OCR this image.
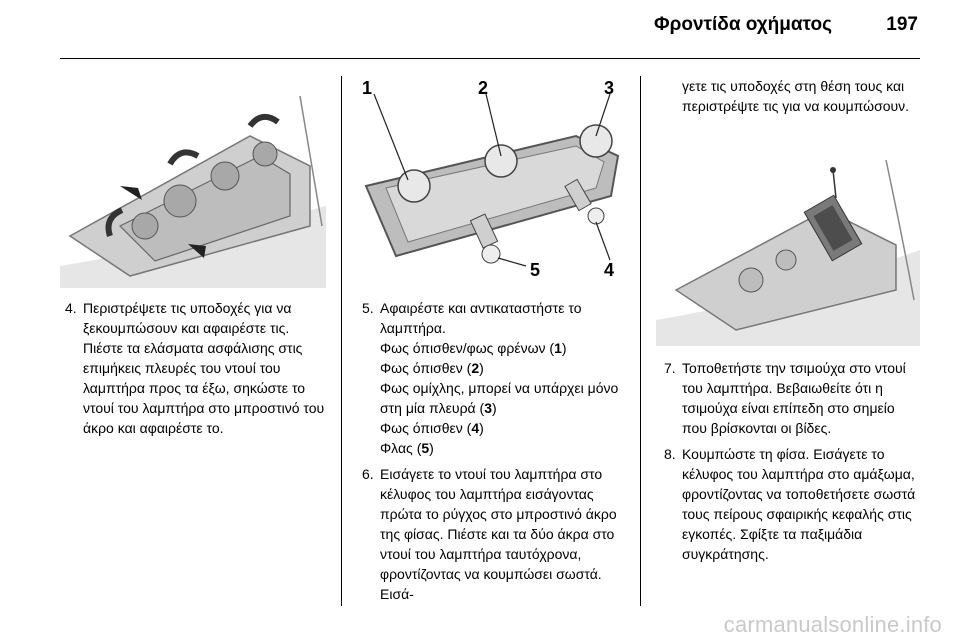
Φροντίδα οχήματος	197
1	2	3
4
5
4. Περιστρέψετε τις υποδοχές για να ξεκουμπώσουν και αφαιρέστε τις. Πιέστε τα ελάσματα ασφάλισης στις επιμήκεις πλευρές του ντουί του λαμπτήρα προς τα έξω, σηκώστε το ντουί του λαμπτήρα στο μπροστινό του άκρο και αφαιρέστε το.

5. Αφαιρέστε και αντικαταστήστε το λαμπτήρα.

Φως όπισθεν/φως φρένων (1)

Φως όπισθεν (2)

Φως ομίχλης, μπορεί να υπάρχει μόνο στη μία πλευρά (3)

Φως όπισθεν (4)

Φλας (5)

6. Εισάγετε το ντουί του λαμπτήρα στο κέλυφος του λαμπτήρα εισάγοντας πρώτα το ρύγχος στο μπροστινό άκρο της φίσας. Πιέστε και τα δύο άκρα στο ντουί του λαμπτήρα ταυτόχρονα, φροντίζοντας να κουμπώσει σωστά. Εισά-

γετε τις υποδοχές στη θέση τους και περιστρέψτε τις για να κουμπώσουν.

7. Τοποθετήστε την τσιμούχα στο ντουί του λαμπτήρα. Βεβαιωθείτε ότι η τσιμούχα είναι επίπεδη στο σημείο που βρίσκονται οι βίδες.

8. Κουμπώστε τη φίσα. Εισάγετε το κέλυφος του λαμπτήρα στο αμάξωμα, φροντίζοντας να τοποθετήσετε σωστά τους πείρους σφαιρικής κεφαλής στις εγκοπές. Σφίξτε τα παξιμάδια συγκράτησης.

carmanualsonline.info
